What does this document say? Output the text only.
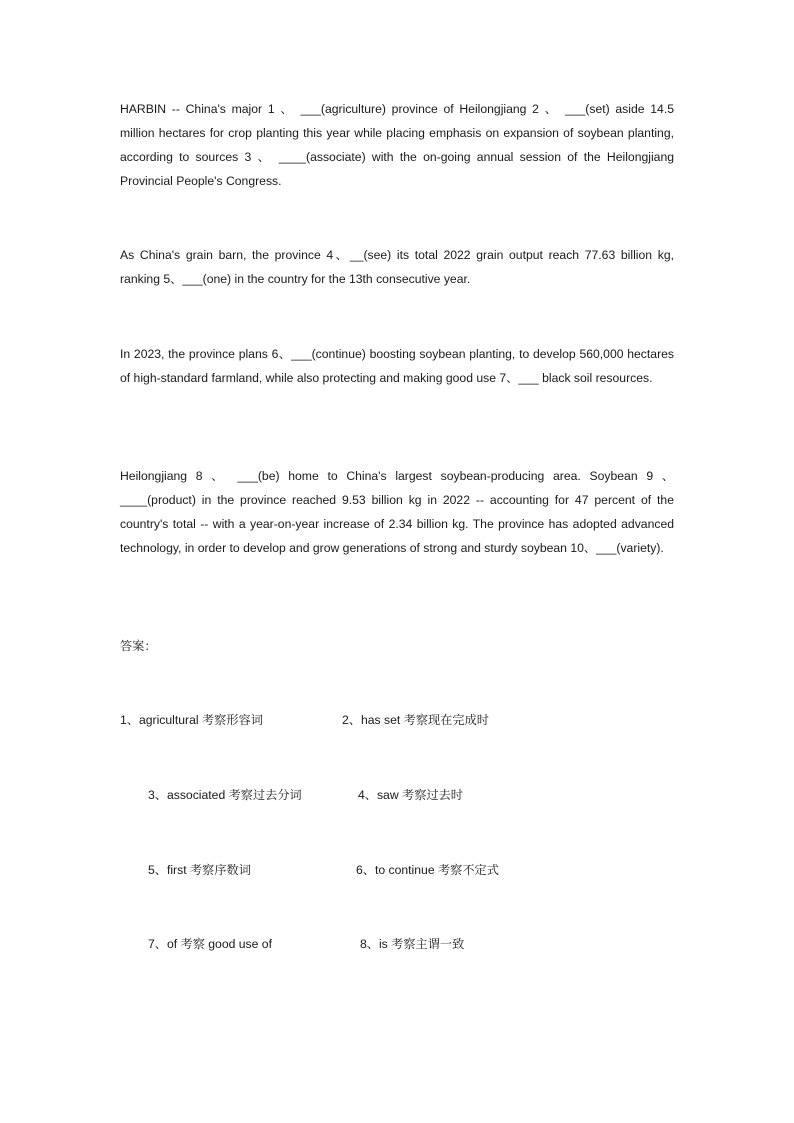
HARBIN -- China's major 1 、 ___(agriculture) province of Heilongjiang 2 、 ___(set) aside 14.5 million hectares for crop planting this year while placing emphasis on expansion of soybean planting, according to sources 3 、 ____(associate) with the on-going annual session of the Heilongjiang Provincial People's Congress.

As China's grain barn, the province 4、__(see) its total 2022 grain output reach 77.63 billion kg, ranking 5、___(one) in the country for the 13th consecutive year.

In 2023, the province plans 6、___(continue) boosting soybean planting, to develop 560,000 hectares of high-standard farmland, while also protecting and making good use 7、___ black soil resources.

Heilongjiang 8 、 ___(be) home to China's largest soybean-producing area. Soybean 9 、 ____(product) in the province reached 9.53 billion kg in 2022 -- accounting for 47 percent of the country's total -- with a year-on-year increase of 2.34 billion kg. The province has adopted advanced technology, in order to develop and grow generations of strong and sturdy soybean 10、___(variety).

答案：

1、agricultural 考察形容词	2、has set 考察现在完成时

3、associated 考察过去分词	4、saw 考察过去时

5、first 考察序数词	6、to continue 考察不定式

7、of 考察 good use of	8、is 考察主谓一致
